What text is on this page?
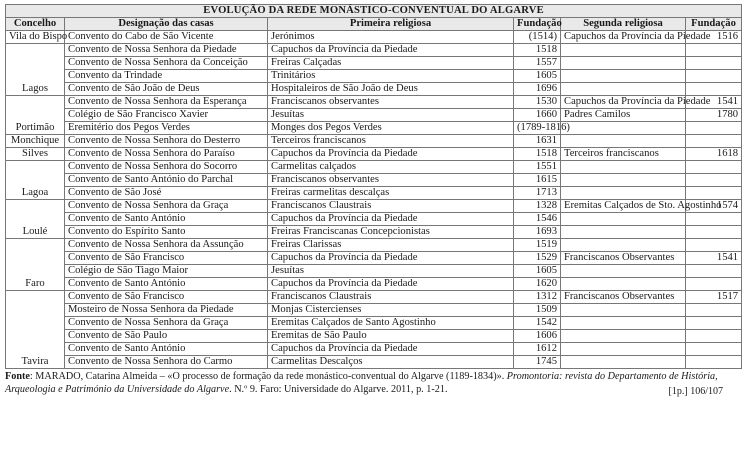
EVOLUÇÃO DA REDE MONÁSTICO-CONVENTUAL DO ALGARVE					
Concelho	Designação das casas	Primeira religiosa	Fundação	Segunda religiosa	Fundação
Vila do Bispo	Convento do Cabo de São Vicente	Jerónimos	(1514)	Capuchos da Província da Piedade	1516
Lagos	Convento de Nossa Senhora da Piedade	Capuchos da Província da Piedade	1518		
	Convento de Nossa Senhora da Conceição	Freiras Calçadas	1557		
	Convento da Trindade	Trinitários	1605		
	Convento de São João de Deus	Hospitaleiros de São João de Deus	1696		
Portimão	Convento de Nossa Senhora da Esperança	Franciscanos observantes	1530	Capuchos da Província da Piedade	1541
	Colégio de São Francisco Xavier	Jesuítas	1660	Padres Camilos	1780
	Eremitério dos Pegos Verdes	Monges dos Pegos Verdes	(1789-1816)		
Monchique	Convento de Nossa Senhora do Desterro	Terceiros franciscanos	1631		
Silves	Convento de Nossa Senhora do Paraíso	Capuchos da Província da Piedade	1518	Terceiros franciscanos	1618
Lagoa	Convento de Nossa Senhora do Socorro	Carmelitas calçados	1551		
	Convento de Santo António do Parchal	Franciscanos observantes	1615		
	Convento de São José	Freiras carmelitas descalças	1713		
Loulé	Convento de Nossa Senhora da Graça	Franciscanos Claustrais	1328	Eremitas Calçados de Sto. Agostinho	1574
	Convento de Santo António	Capuchos da Província da Piedade	1546		
	Convento do Espírito Santo	Freiras Franciscanas Concepcionistas	1693		
Faro	Convento de Nossa Senhora da Assunção	Freiras Clarissas	1519		
	Convento de São Francisco	Capuchos da Província da Piedade	1529	Franciscanos Observantes	1541
	Colégio de São Tiago Maior	Jesuítas	1605		
	Convento de Santo António	Capuchos da Província da Piedade	1620		
Tavira	Convento de São Francisco	Franciscanos Claustrais	1312	Franciscanos Observantes	1517
	Mosteiro de Nossa Senhora da Piedade	Monjas Cistercienses	1509		
	Convento de Nossa Senhora da Graça	Eremitas Calçados de Santo Agostinho	1542		
	Convento de São Paulo	Eremitas de São Paulo	1606		
	Convento de Santo António	Capuchos da Província da Piedade	1612		
	Convento de Nossa Senhora do Carmo	Carmelitas Descalços	1745		
Fonte: MARADO, Catarina Almeida – «O processo de formação da rede monástico-conventual do Algarve (1189-1834)». Promontoria: revista do Departamento de História, Arqueologia e Património da Universidade do Algarve. N.º 9. Faro: Universidade do Algarve. 2011, p. 1-21.	[1p.] 106/107
